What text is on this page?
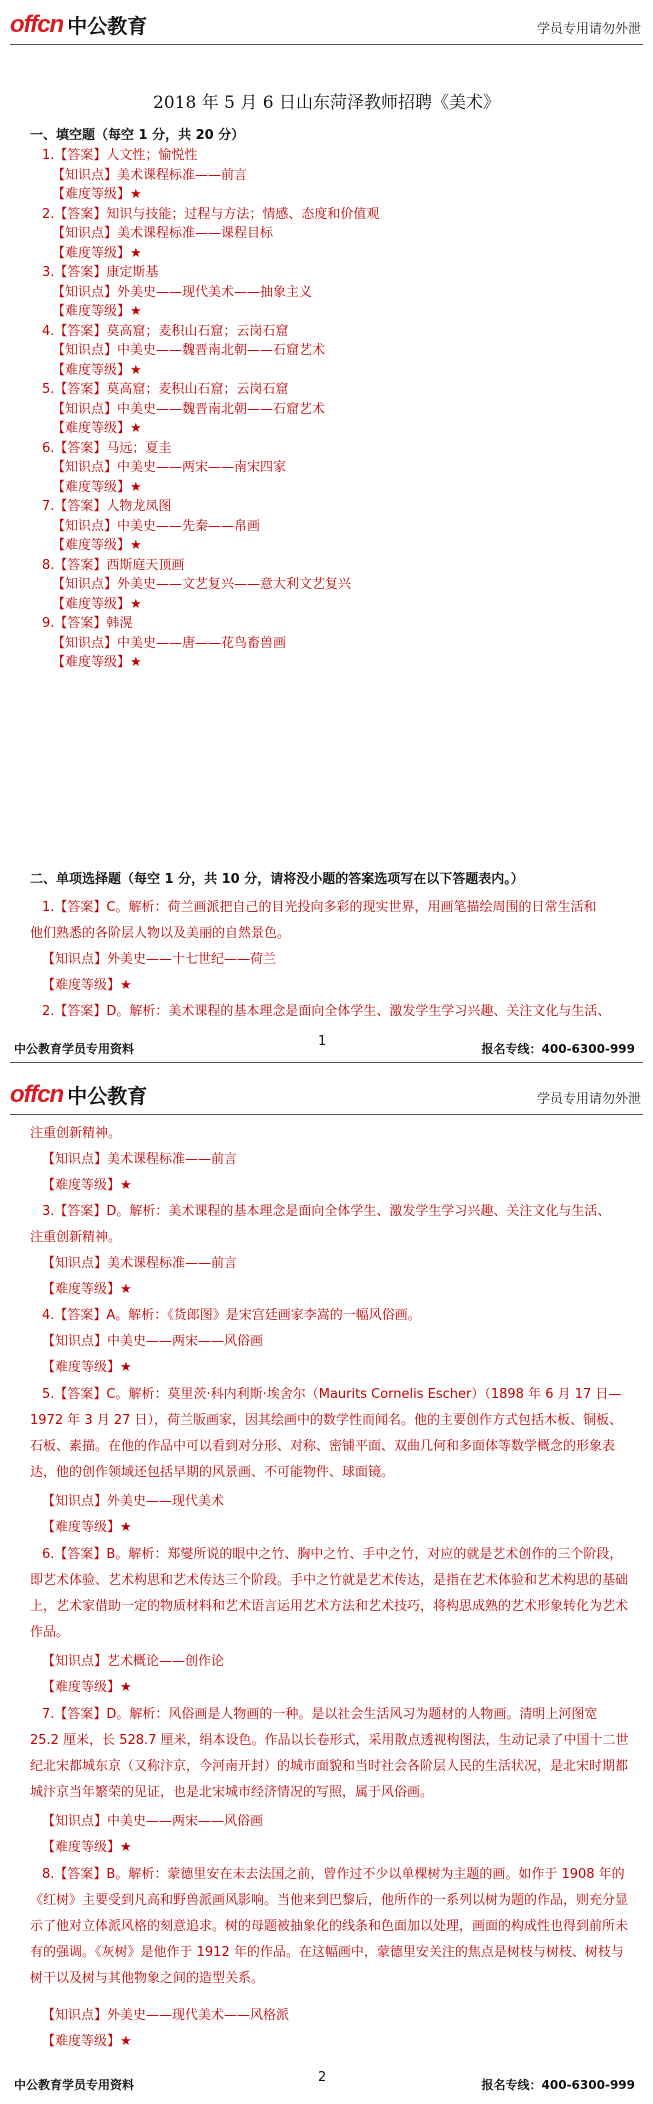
offcn 中公教育	学员专用请勿外泄
2018 年 5 月 6 日山东菏泽教师招聘《美术》
一、填空题（每空 1 分，共 20 分）
1.【答案】人文性；愉悦性
【知识点】美术课程标准——前言
【难度等级】★
2.【答案】知识与技能；过程与方法；情感、态度和价值观
【知识点】美术课程标准——课程目标
【难度等级】★
3.【答案】康定斯基
【知识点】外美史——现代美术——抽象主义
【难度等级】★
4.【答案】莫高窟；麦积山石窟；云岗石窟
【知识点】中美史——魏晋南北朝——石窟艺术
【难度等级】★
5.【答案】莫高窟；麦积山石窟；云岗石窟
【知识点】中美史——魏晋南北朝——石窟艺术
【难度等级】★
6.【答案】马远；夏圭
【知识点】中美史——两宋——南宋四家
【难度等级】★
7.【答案】人物龙凤图
【知识点】中美史——先秦——帛画
【难度等级】★
8.【答案】西斯庭天顶画
【知识点】外美史——文艺复兴——意大利文艺复兴
【难度等级】★
9.【答案】韩滉
【知识点】中美史——唐——花鸟畜兽画
【难度等级】★
二、单项选择题（每空 1 分，共 10 分，请将没小题的答案选项写在以下答题表内。）
1.【答案】C。解析：荷兰画派把自己的目光投向多彩的现实世界，用画笔描绘周围的日常生活和
他们熟悉的各阶层人物以及美丽的自然景色。
【知识点】外美史——十七世纪——荷兰
【难度等级】★
2.【答案】D。解析：美术课程的基本理念是面向全体学生、激发学生学习兴趣、关注文化与生活、
中公教育学员专用资料	1	报名专线：400-6300-999
offcn 中公教育	学员专用请勿外泄
注重创新精神。
【知识点】美术课程标准——前言
【难度等级】★
3.【答案】D。解析：美术课程的基本理念是面向全体学生、激发学生学习兴趣、关注文化与生活、
注重创新精神。
【知识点】美术课程标准——前言
【难度等级】★
4.【答案】A。解析：《货郎图》是宋宫廷画家李嵩的一幅风俗画。
【知识点】中美史——两宋——风俗画
【难度等级】★
5.【答案】C。解析：莫里茨·科内利斯·埃舍尔（Maurits Cornelis Escher）（1898 年 6 月 17 日—1972 年 3 月 27 日），荷兰版画家，因其绘画中的数学性而闻名。他的主要创作方式包括木板、铜板、石板、素描。在他的作品中可以看到对分形、对称、密铺平面、双曲几何和多面体等数学概念的形象表达，他的创作领域还包括早期的风景画、不可能物件、球面镜。
【知识点】外美史——现代美术
【难度等级】★
6.【答案】B。解析：郑燮所说的眼中之竹、胸中之竹、手中之竹，对应的就是艺术创作的三个阶段，即艺术体验、艺术构思和艺术传达三个阶段。手中之竹就是艺术传达，是指在艺术体验和艺术构思的基础上，艺术家借助一定的物质材料和艺术语言运用艺术方法和艺术技巧，将构思成熟的艺术形象转化为艺术作品。
【知识点】艺术概论——创作论
【难度等级】★
7.【答案】D。解析：风俗画是人物画的一种。是以社会生活风习为题材的人物画。清明上河图宽 25.2 厘米，长 528.7 厘米，绢本设色。作品以长卷形式，采用散点透视构图法，生动记录了中国十二世纪北宋都城东京（又称汴京，今河南开封）的城市面貌和当时社会各阶层人民的生活状况，是北宋时期都城汴京当年繁荣的见证，也是北宋城市经济情况的写照，属于风俗画。
【知识点】中美史——两宋——风俗画
【难度等级】★
8.【答案】B。解析：蒙德里安在未去法国之前，曾作过不少以单棵树为主题的画。如作于 1908 年的《红树》主要受到凡高和野兽派画风影响。当他来到巴黎后，他所作的一系列以树为题的作品，则充分显示了他对立体派风格的刻意追求。树的母题被抽象化的线条和色面加以处理，画面的构成性也得到前所未有的强调。《灰树》是他作于 1912 年的作品。在这幅画中，蒙德里安关注的焦点是树枝与树枝、树枝与树干以及树与其他物象之间的造型关系。
【知识点】外美史——现代美术——风格派
【难度等级】★
中公教育学员专用资料	2	报名专线：400-6300-999
